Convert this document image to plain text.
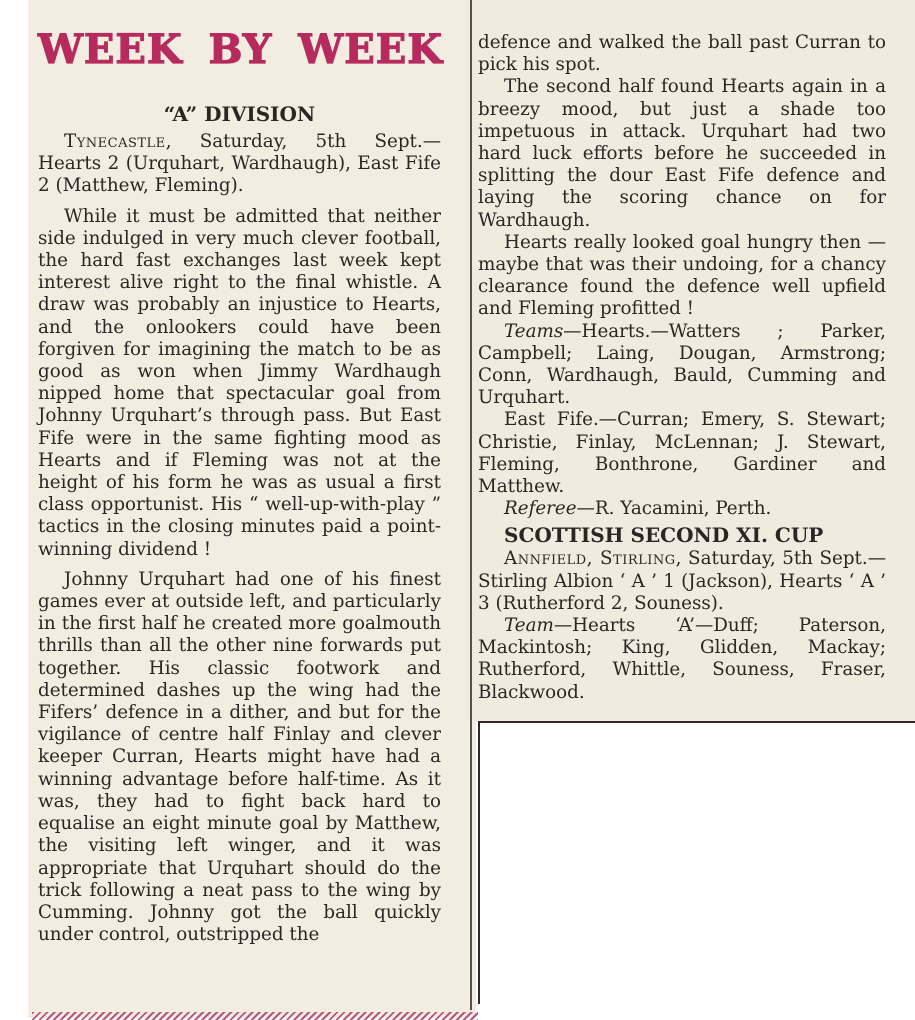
WEEK BY WEEK
“A” DIVISION

Tynecastle, Saturday, 5th Sept.— Hearts 2 (Urquhart, Wardhaugh), East Fife 2 (Matthew, Fleming).

While it must be admitted that neither side indulged in very much clever football, the hard fast exchanges last week kept interest alive right to the final whistle. A draw was probably an injustice to Hearts, and the onlookers could have been forgiven for imagining the match to be as good as won when Jimmy Wardhaugh nipped home that spectacular goal from Johnny Urquhart’s through pass. But East Fife were in the same fighting mood as Hearts and if Fleming was not at the height of his form he was as usual a first class opportunist. His “ well-up-with-play ” tactics in the closing minutes paid a point-winning dividend !

Johnny Urquhart had one of his finest games ever at outside left, and particularly in the first half he created more goalmouth thrills than all the other nine forwards put together. His classic footwork and determined dashes up the wing had the Fifers’ defence in a dither, and but for the vigilance of centre half Finlay and clever keeper Curran, Hearts might have had a winning advantage before half-time. As it was, they had to fight back hard to equalise an eight minute goal by Matthew, the visiting left winger, and it was appropriate that Urquhart should do the trick following a neat pass to the wing by Cumming. Johnny got the ball quickly under control, outstripped the

defence and walked the ball past Curran to pick his spot.

The second half found Hearts again in a breezy mood, but just a shade too impetuous in attack. Urquhart had two hard luck efforts before he succeeded in splitting the dour East Fife defence and laying the scoring chance on for Wardhaugh.

Hearts really looked goal hungry then —maybe that was their undoing, for a chancy clearance found the defence well upfield and Fleming profitted !

Teams—Hearts.—Watters ; Parker, Campbell; Laing, Dougan, Armstrong; Conn, Wardhaugh, Bauld, Cumming and Urquhart.

East Fife.—Curran; Emery, S. Stewart; Christie, Finlay, McLennan; J. Stewart, Fleming, Bonthrone, Gardiner and Matthew.

Referee—R. Yacamini, Perth.

SCOTTISH SECOND XI. CUP

Annfield, Stirling, Saturday, 5th Sept.—Stirling Albion ‘ A ’ 1 (Jackson), Hearts ‘ A ’ 3 (Rutherford 2, Souness).

Team—Hearts ‘A’—Duff; Paterson, Mackintosh; King, Glidden, Mackay; Rutherford, Whittle, Souness, Fraser, Blackwood.
